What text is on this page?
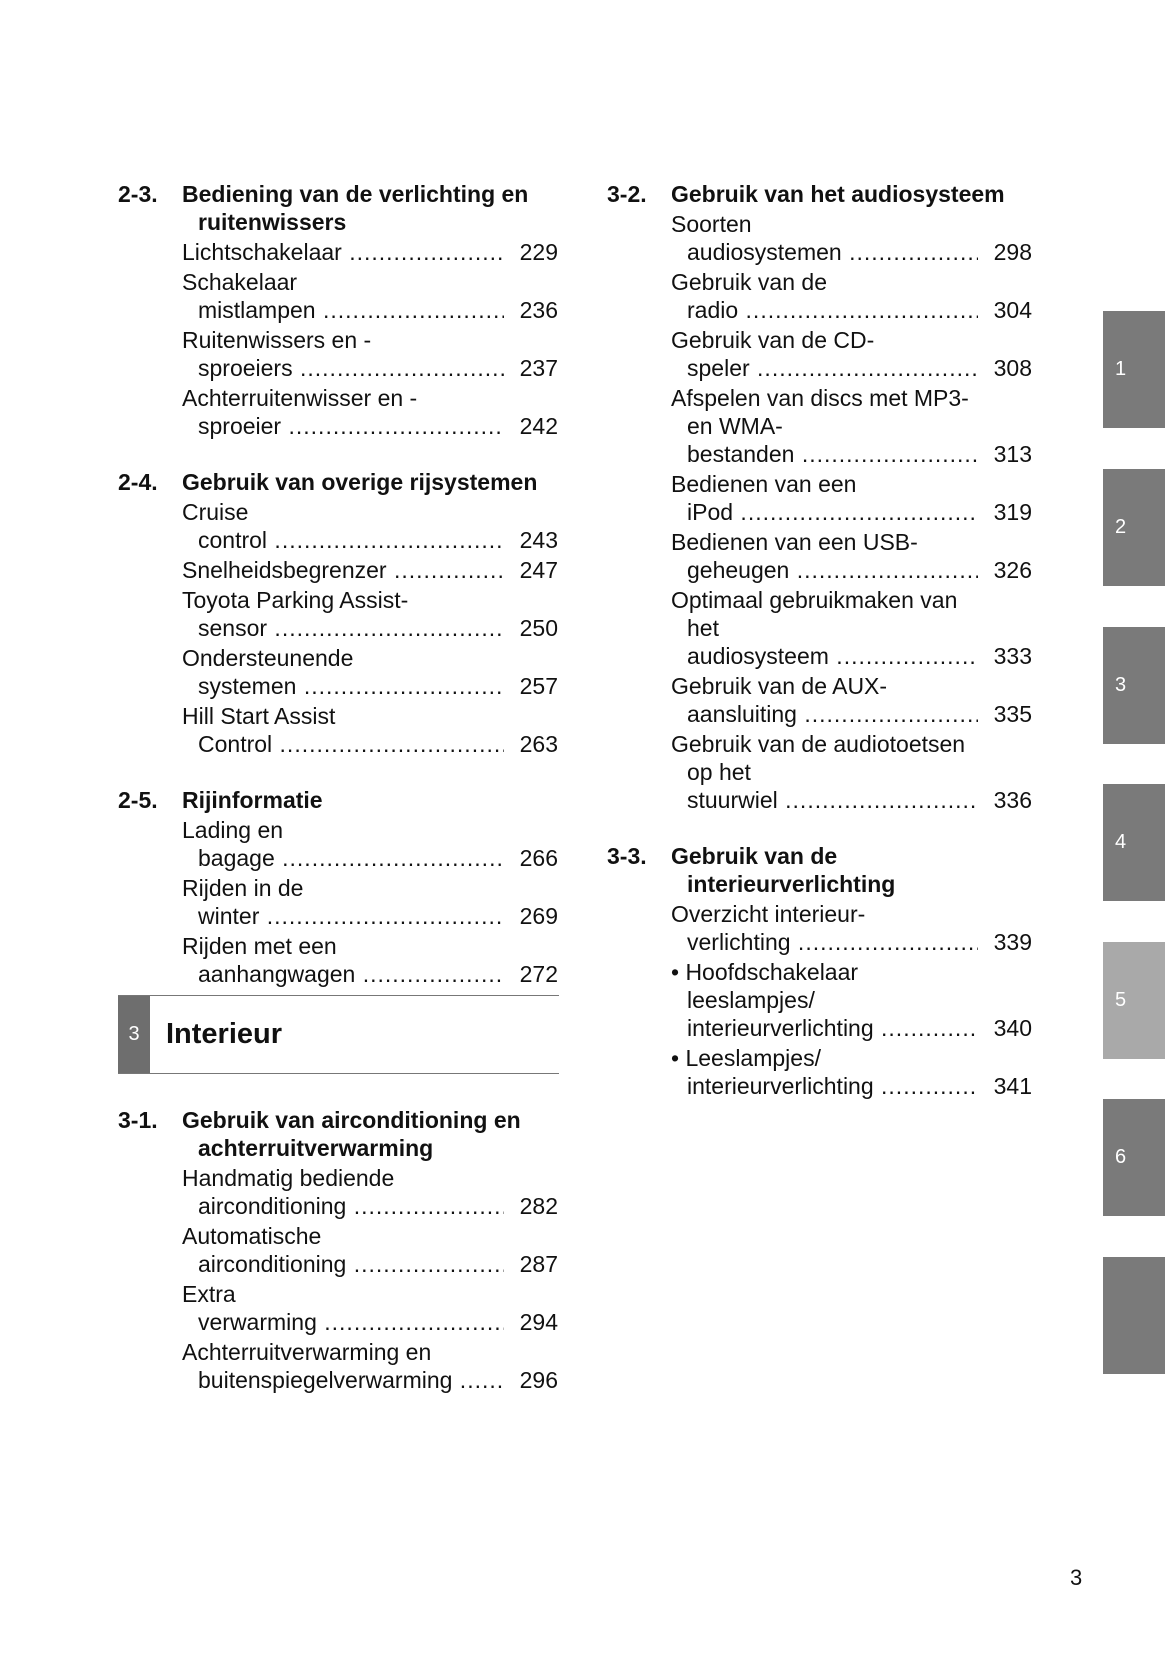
2-3.	Bediening van de verlichting en ruitenwissers
Lichtschakelaar .....	229
Schakelaar mistlampen .....	236
Ruitenwissers en -sproeiers .....	237
Achterruitenwisser en -sproeier .....	242
2-4.	Gebruik van overige rijsystemen
Cruise control .....	243
Snelheidsbegrenzer .....	247
Toyota Parking Assist-sensor .....	250
Ondersteunende systemen .....	257
Hill Start Assist Control .....	263
2-5.	Rijinformatie
Lading en bagage .....	266
Rijden in de winter .....	269
Rijden met een aanhangwagen .....	272
3 Interieur
3-1.	Gebruik van airconditioning en achterruitverwarming
Handmatig bediende airconditioning .....	282
Automatische airconditioning .....	287
Extra verwarming .....	294
Achterruitverwarming en buitenspiegelverwarming .....	296
3-2.	Gebruik van het audiosysteem
Soorten audiosystemen .....	298
Gebruik van de radio .....	304
Gebruik van de CD-speler .....	308
Afspelen van discs met MP3- en WMA-bestanden .....	313
Bedienen van een iPod .....	319
Bedienen van een USB-geheugen .....	326
Optimaal gebruikmaken van het audiosysteem .....	333
Gebruik van de AUX-aansluiting .....	335
Gebruik van de audiotoetsen op het stuurwiel .....	336
3-3.	Gebruik van de interieurverlichting
Overzicht interieur-verlichting .....	339
• Hoofdschakelaar leeslampjes/ interieurverlichting .....	340
• Leeslampjes/ interieurverlichting .....	341
1
2
3
4
5
6
3
